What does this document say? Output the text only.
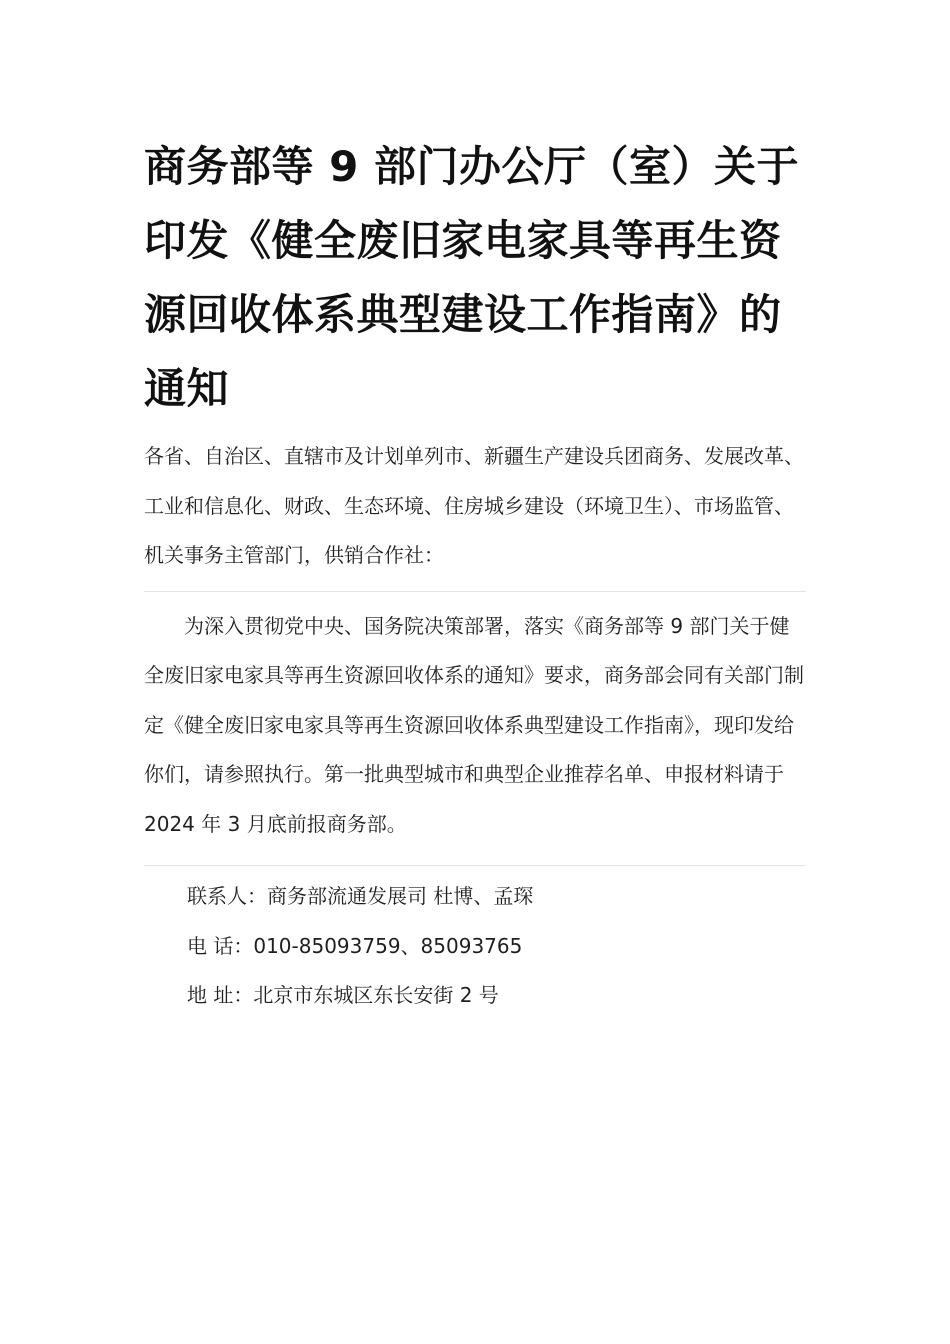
商务部等 9 部门办公厅（室）关于印发《健全废旧家电家具等再生资源回收体系典型建设工作指南》的通知

各省、自治区、直辖市及计划单列市、新疆生产建设兵团商务、发展改革、工业和信息化、财政、生态环境、住房城乡建设（环境卫生）、市场监管、机关事务主管部门，供销合作社：

为深入贯彻党中央、国务院决策部署，落实《商务部等 9 部门关于健全废旧家电家具等再生资源回收体系的通知》要求，商务部会同有关部门制定《健全废旧家电家具等再生资源回收体系典型建设工作指南》，现印发给你们，请参照执行。第一批典型城市和典型企业推荐名单、申报材料请于 2024 年 3 月底前报商务部。

联系人：商务部流通发展司 杜博、孟琛
电 话：010-85093759、85093765
地 址：北京市东城区东长安街 2 号
